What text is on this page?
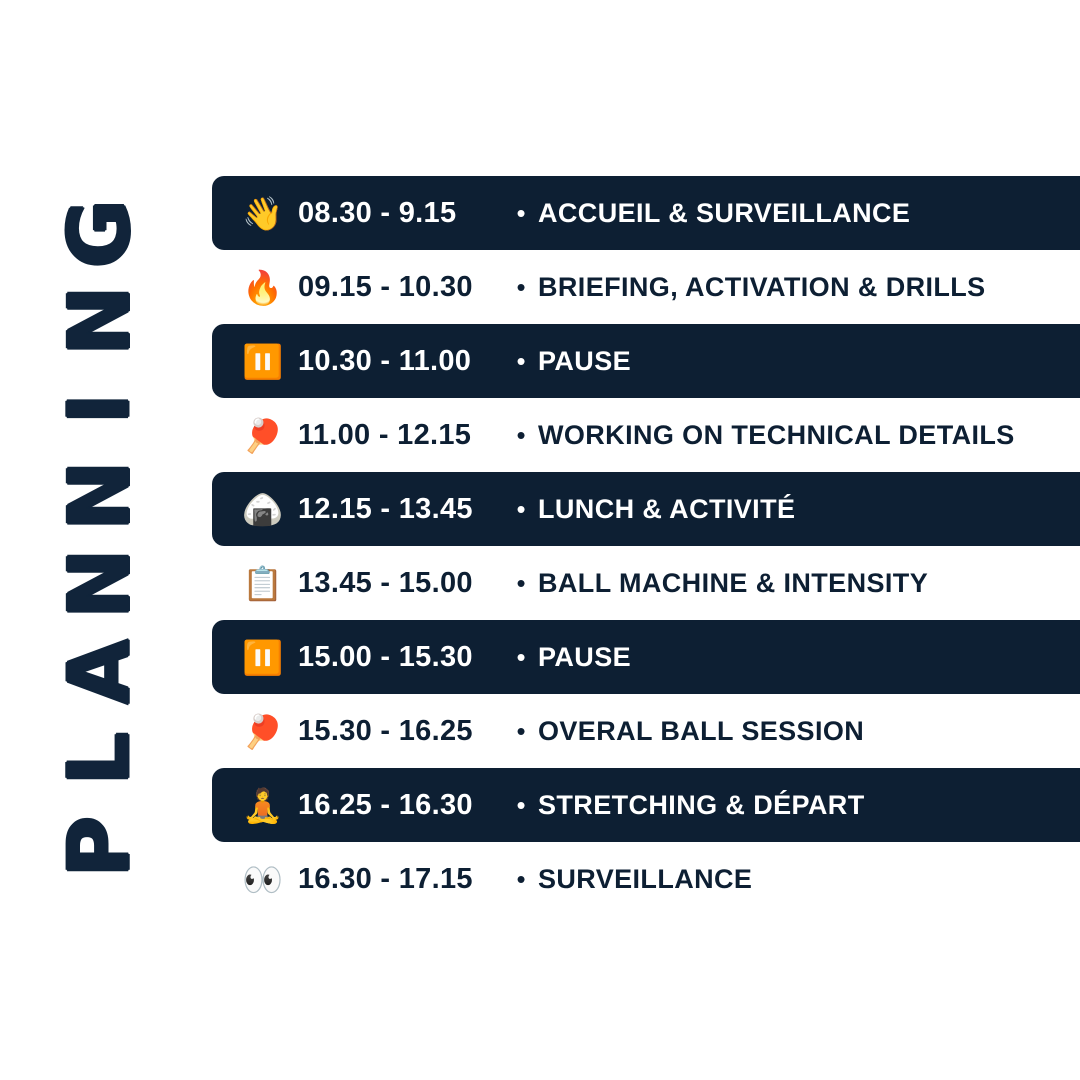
G
N
I
N
N
A
L
P
👋 08.30 - 9.15	• ACCUEIL & SURVEILLANCE
🔥 09.15 - 10.30	• BRIEFING, ACTIVATION & DRILLS
⏸️ 10.30 - 11.00	• PAUSE
🏓 11.00 - 12.15	• WORKING ON TECHNICAL DETAILS
🍙 12.15 - 13.45	• LUNCH & ACTIVITÉ
📋 13.45 - 15.00	• BALL MACHINE & INTENSITY
⏸️ 15.00 - 15.30	• PAUSE
🏓 15.30 - 16.25	• OVERAL BALL SESSION
🧘 16.25 - 16.30	• STRETCHING & DÉPART
👀 16.30 - 17.15	• SURVEILLANCE
